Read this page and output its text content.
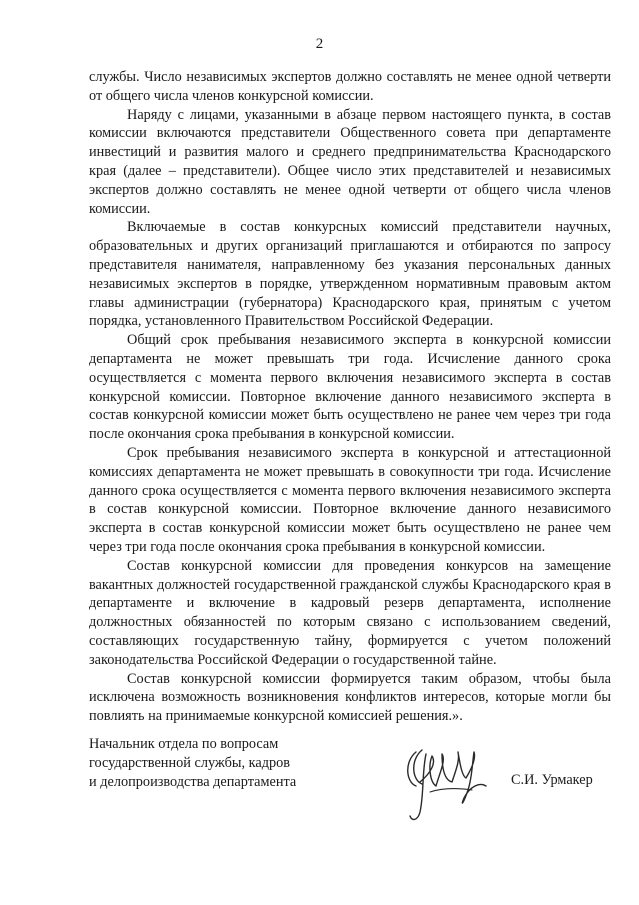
2

службы. Число независимых экспертов должно составлять не менее одной четверти от общего числа членов конкурсной комиссии.

Наряду с лицами, указанными в абзаце первом настоящего пункта, в состав комиссии включаются представители Общественного совета при департаменте инвестиций и развития малого и среднего предпринимательства Краснодарского края (далее – представители). Общее число этих представителей и независимых экспертов должно составлять не менее одной четверти от общего числа членов комиссии.

Включаемые в состав конкурсных комиссий представители научных, образовательных и других организаций приглашаются и отбираются по запросу представителя нанимателя, направленному без указания персональных данных независимых экспертов в порядке, утвержденном нормативным правовым актом главы администрации (губернатора) Краснодарского края, принятым с учетом порядка, установленного Правительством Российской Федерации.

Общий срок пребывания независимого эксперта в конкурсной комиссии департамента не может превышать три года. Исчисление данного срока осуществляется с момента первого включения независимого эксперта в состав конкурсной комиссии. Повторное включение данного независимого эксперта в состав конкурсной комиссии может быть осуществлено не ранее чем через три года после окончания срока пребывания в конкурсной комиссии.

Срок пребывания независимого эксперта в конкурсной и аттестационной комиссиях департамента не может превышать в совокупности три года. Исчисление данного срока осуществляется с момента первого включения независимого эксперта в состав конкурсной комиссии. Повторное включение данного независимого эксперта в состав конкурсной комиссии может быть осуществлено не ранее чем через три года после окончания срока пребывания в конкурсной комиссии.

Состав конкурсной комиссии для проведения конкурсов на замещение вакантных должностей государственной гражданской службы Краснодарского края в департаменте и включение в кадровый резерв департамента, исполнение должностных обязанностей по которым связано с использованием сведений, составляющих государственную тайну, формируется с учетом положений законодательства Российской Федерации о государственной тайне.

Состав конкурсной комиссии формируется таким образом, чтобы была исключена возможность возникновения конфликтов интересов, которые могли бы повлиять на принимаемые конкурсной комиссией решения.».

Начальник отдела по вопросам
государственной службы, кадров
и делопроизводства департамента	С.И. Урмакер
